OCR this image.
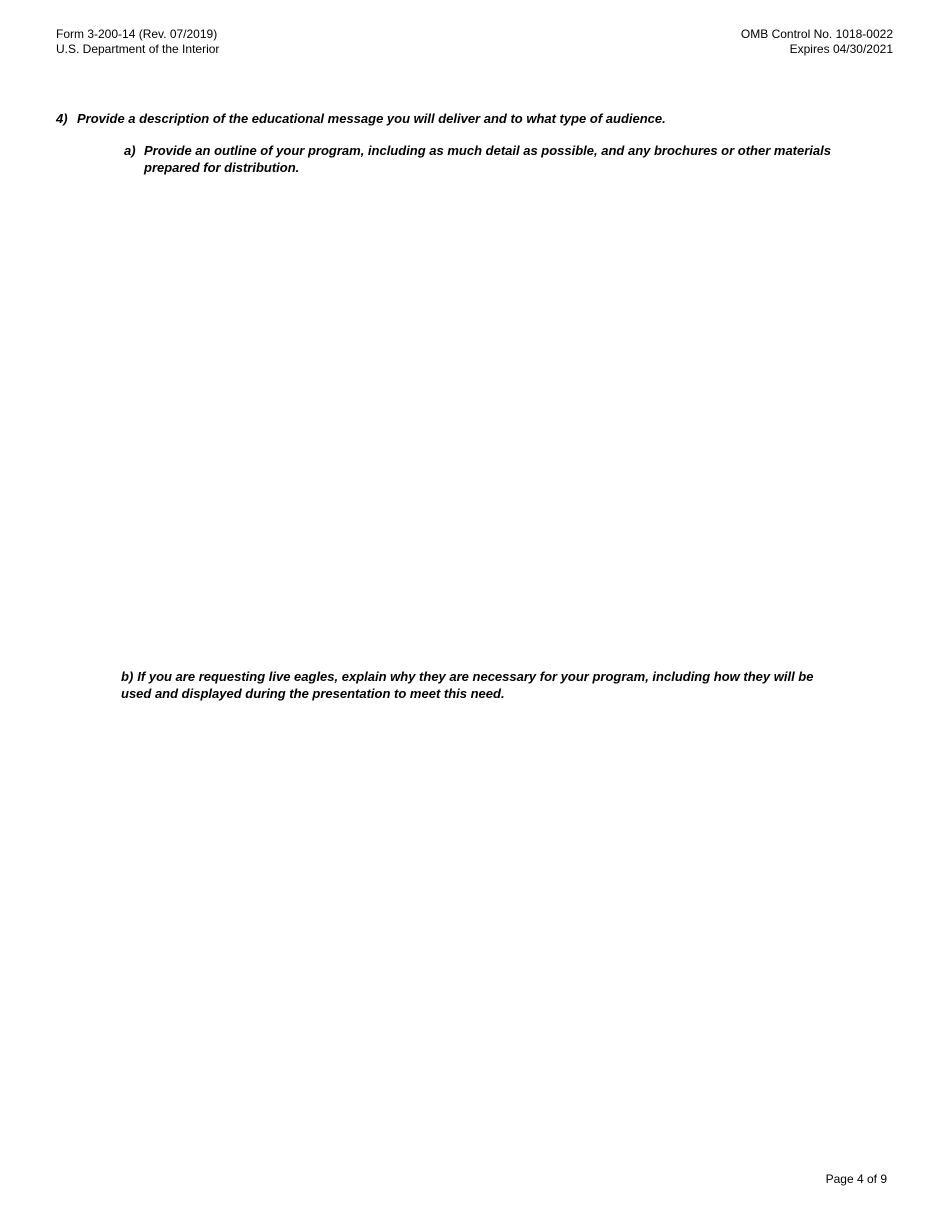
Form 3-200-14 (Rev. 07/2019)
U.S. Department of the Interior
OMB Control No. 1018-0022
Expires 04/30/2021
4) Provide a description of the educational message you will deliver and to what type of audience.
a) Provide an outline of your program, including as much detail as possible, and any brochures or other materials prepared for distribution.
b) If you are requesting live eagles, explain why they are necessary for your program, including how they will be used and displayed during the presentation to meet this need.
Page 4 of 9
